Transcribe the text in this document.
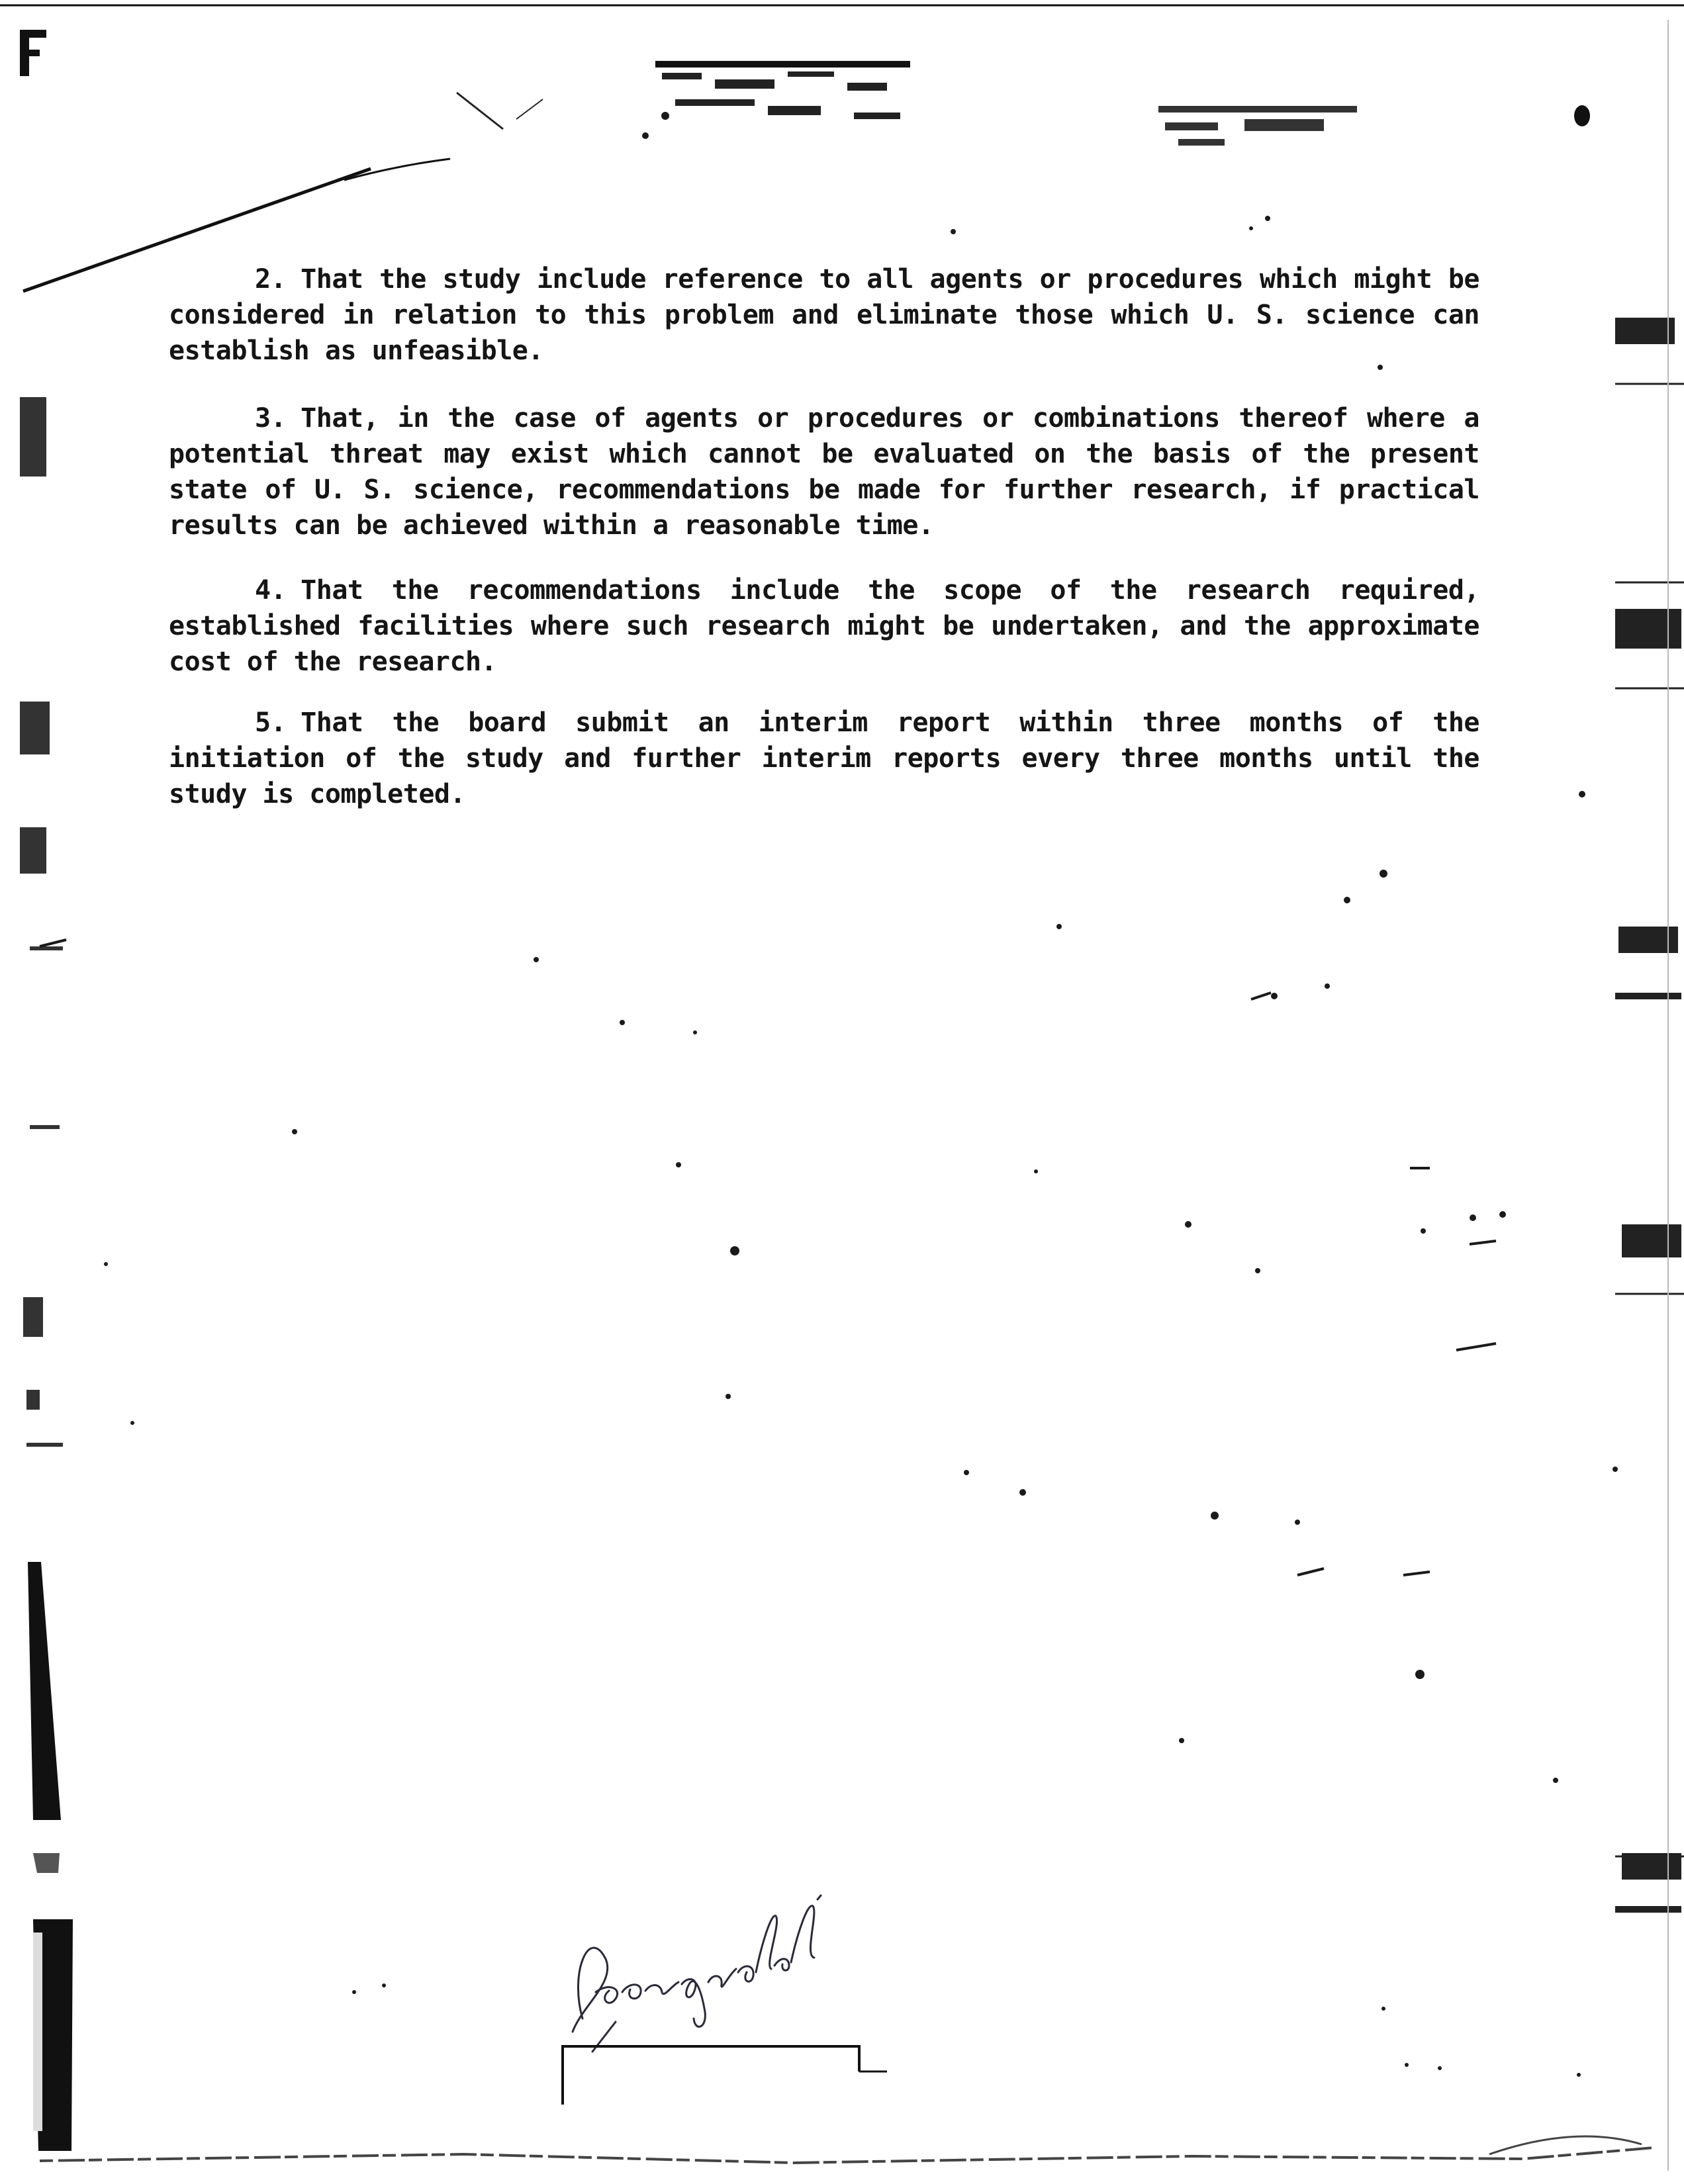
2. That the study include reference to all agents or procedures which might be considered in relation to this problem and eliminate those which U. S. science can establish as unfeasible.

3. That, in the case of agents or procedures or combinations thereof where a potential threat may exist which cannot be evaluated on the basis of the present state of U. S. science, recommendations be made for further research, if practical results can be achieved within a reasonable time.

4. That the recommendations include the scope of the research required, established facilities where such research might be undertaken, and the approximate cost of the research.

5. That the board submit an interim report within three months of the initiation of the study and further interim reports every three months until the study is completed.
